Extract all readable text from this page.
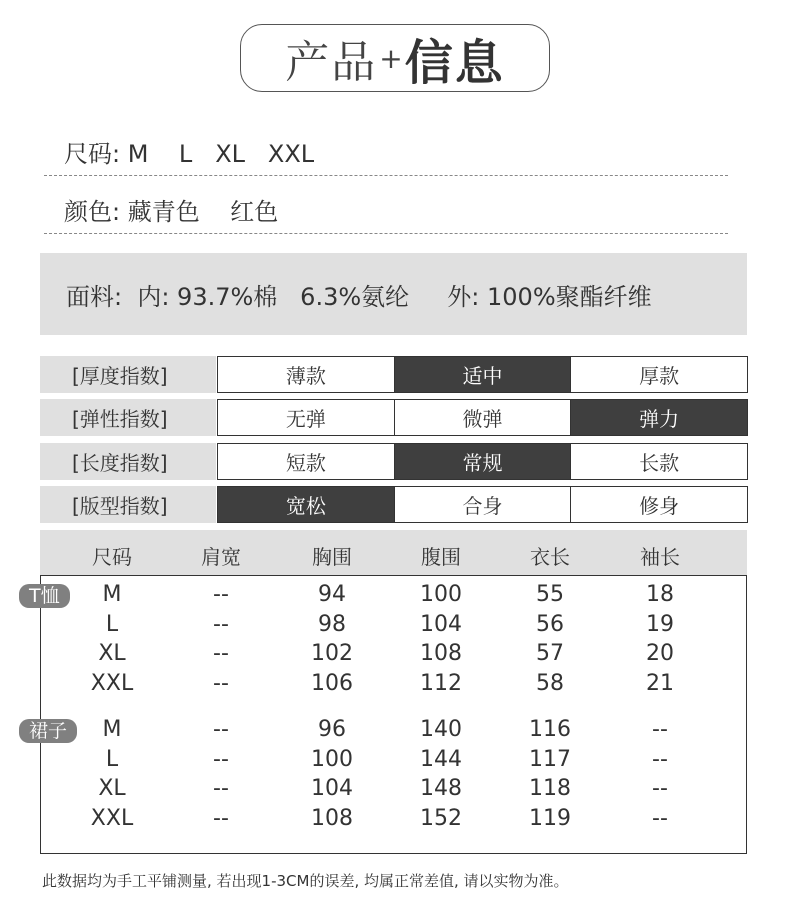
产品 + 信息
尺码: M    L   XL   XXL
颜色: 藏青色    红色
面料:  内: 93.7%棉   6.3%氨纶     外: 100%聚酯纤维
[厚度指数]	薄款	适中	厚款
[弹性指数]	无弹	微弹	弹力
[长度指数]	短款	常规	长款
[版型指数]	宽松	合身	修身
尺码	肩宽	胸围	腹围	衣长	袖长
T恤	M	--	94	100	55	18
L	--	98	104	56	19
XL	--	102	108	57	20
XXL	--	106	112	58	21
裙子	M	--	96	140	116	--
L	--	100	144	117	--
XL	--	104	148	118	--
XXL	--	108	152	119	--
此数据均为手工平铺测量, 若出现1-3CM的误差, 均属正常差值, 请以实物为准。
